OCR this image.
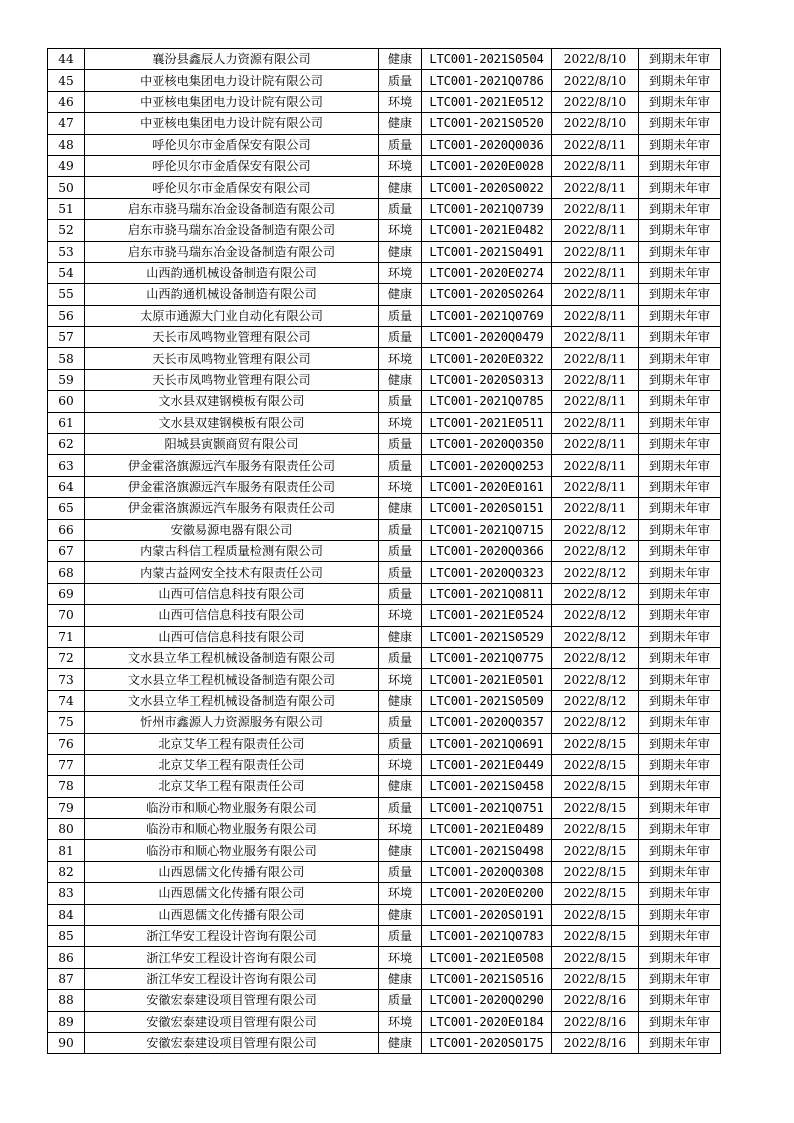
44	襄汾县鑫辰人力资源有限公司	健康	LTC001-2021S0504	2022/8/10	到期未年审
45	中亚核电集团电力设计院有限公司	质量	LTC001-2021Q0786	2022/8/10	到期未年审
46	中亚核电集团电力设计院有限公司	环境	LTC001-2021E0512	2022/8/10	到期未年审
47	中亚核电集团电力设计院有限公司	健康	LTC001-2021S0520	2022/8/10	到期未年审
48	呼伦贝尔市金盾保安有限公司	质量	LTC001-2020Q0036	2022/8/11	到期未年审
49	呼伦贝尔市金盾保安有限公司	环境	LTC001-2020E0028	2022/8/11	到期未年审
50	呼伦贝尔市金盾保安有限公司	健康	LTC001-2020S0022	2022/8/11	到期未年审
51	启东市骁马瑞东冶金设备制造有限公司	质量	LTC001-2021Q0739	2022/8/11	到期未年审
52	启东市骁马瑞东冶金设备制造有限公司	环境	LTC001-2021E0482	2022/8/11	到期未年审
53	启东市骁马瑞东冶金设备制造有限公司	健康	LTC001-2021S0491	2022/8/11	到期未年审
54	山西韵通机械设备制造有限公司	环境	LTC001-2020E0274	2022/8/11	到期未年审
55	山西韵通机械设备制造有限公司	健康	LTC001-2020S0264	2022/8/11	到期未年审
56	太原市通源大门业自动化有限公司	质量	LTC001-2021Q0769	2022/8/11	到期未年审
57	天长市凤鸣物业管理有限公司	质量	LTC001-2020Q0479	2022/8/11	到期未年审
58	天长市凤鸣物业管理有限公司	环境	LTC001-2020E0322	2022/8/11	到期未年审
59	天长市凤鸣物业管理有限公司	健康	LTC001-2020S0313	2022/8/11	到期未年审
60	文水县双建钢模板有限公司	质量	LTC001-2021Q0785	2022/8/11	到期未年审
61	文水县双建钢模板有限公司	环境	LTC001-2021E0511	2022/8/11	到期未年审
62	阳城县寅颢商贸有限公司	质量	LTC001-2020Q0350	2022/8/11	到期未年审
63	伊金霍洛旗源远汽车服务有限责任公司	质量	LTC001-2020Q0253	2022/8/11	到期未年审
64	伊金霍洛旗源远汽车服务有限责任公司	环境	LTC001-2020E0161	2022/8/11	到期未年审
65	伊金霍洛旗源远汽车服务有限责任公司	健康	LTC001-2020S0151	2022/8/11	到期未年审
66	安徽易源电器有限公司	质量	LTC001-2021Q0715	2022/8/12	到期未年审
67	内蒙古科信工程质量检测有限公司	质量	LTC001-2020Q0366	2022/8/12	到期未年审
68	内蒙古益网安全技术有限责任公司	质量	LTC001-2020Q0323	2022/8/12	到期未年审
69	山西可信信息科技有限公司	质量	LTC001-2021Q0811	2022/8/12	到期未年审
70	山西可信信息科技有限公司	环境	LTC001-2021E0524	2022/8/12	到期未年审
71	山西可信信息科技有限公司	健康	LTC001-2021S0529	2022/8/12	到期未年审
72	文水县立华工程机械设备制造有限公司	质量	LTC001-2021Q0775	2022/8/12	到期未年审
73	文水县立华工程机械设备制造有限公司	环境	LTC001-2021E0501	2022/8/12	到期未年审
74	文水县立华工程机械设备制造有限公司	健康	LTC001-2021S0509	2022/8/12	到期未年审
75	忻州市鑫源人力资源服务有限公司	质量	LTC001-2020Q0357	2022/8/12	到期未年审
76	北京艾华工程有限责任公司	质量	LTC001-2021Q0691	2022/8/15	到期未年审
77	北京艾华工程有限责任公司	环境	LTC001-2021E0449	2022/8/15	到期未年审
78	北京艾华工程有限责任公司	健康	LTC001-2021S0458	2022/8/15	到期未年审
79	临汾市和顺心物业服务有限公司	质量	LTC001-2021Q0751	2022/8/15	到期未年审
80	临汾市和顺心物业服务有限公司	环境	LTC001-2021E0489	2022/8/15	到期未年审
81	临汾市和顺心物业服务有限公司	健康	LTC001-2021S0498	2022/8/15	到期未年审
82	山西恩儒文化传播有限公司	质量	LTC001-2020Q0308	2022/8/15	到期未年审
83	山西恩儒文化传播有限公司	环境	LTC001-2020E0200	2022/8/15	到期未年审
84	山西恩儒文化传播有限公司	健康	LTC001-2020S0191	2022/8/15	到期未年审
85	浙江华安工程设计咨询有限公司	质量	LTC001-2021Q0783	2022/8/15	到期未年审
86	浙江华安工程设计咨询有限公司	环境	LTC001-2021E0508	2022/8/15	到期未年审
87	浙江华安工程设计咨询有限公司	健康	LTC001-2021S0516	2022/8/15	到期未年审
88	安徽宏泰建设项目管理有限公司	质量	LTC001-2020Q0290	2022/8/16	到期未年审
89	安徽宏泰建设项目管理有限公司	环境	LTC001-2020E0184	2022/8/16	到期未年审
90	安徽宏泰建设项目管理有限公司	健康	LTC001-2020S0175	2022/8/16	到期未年审
